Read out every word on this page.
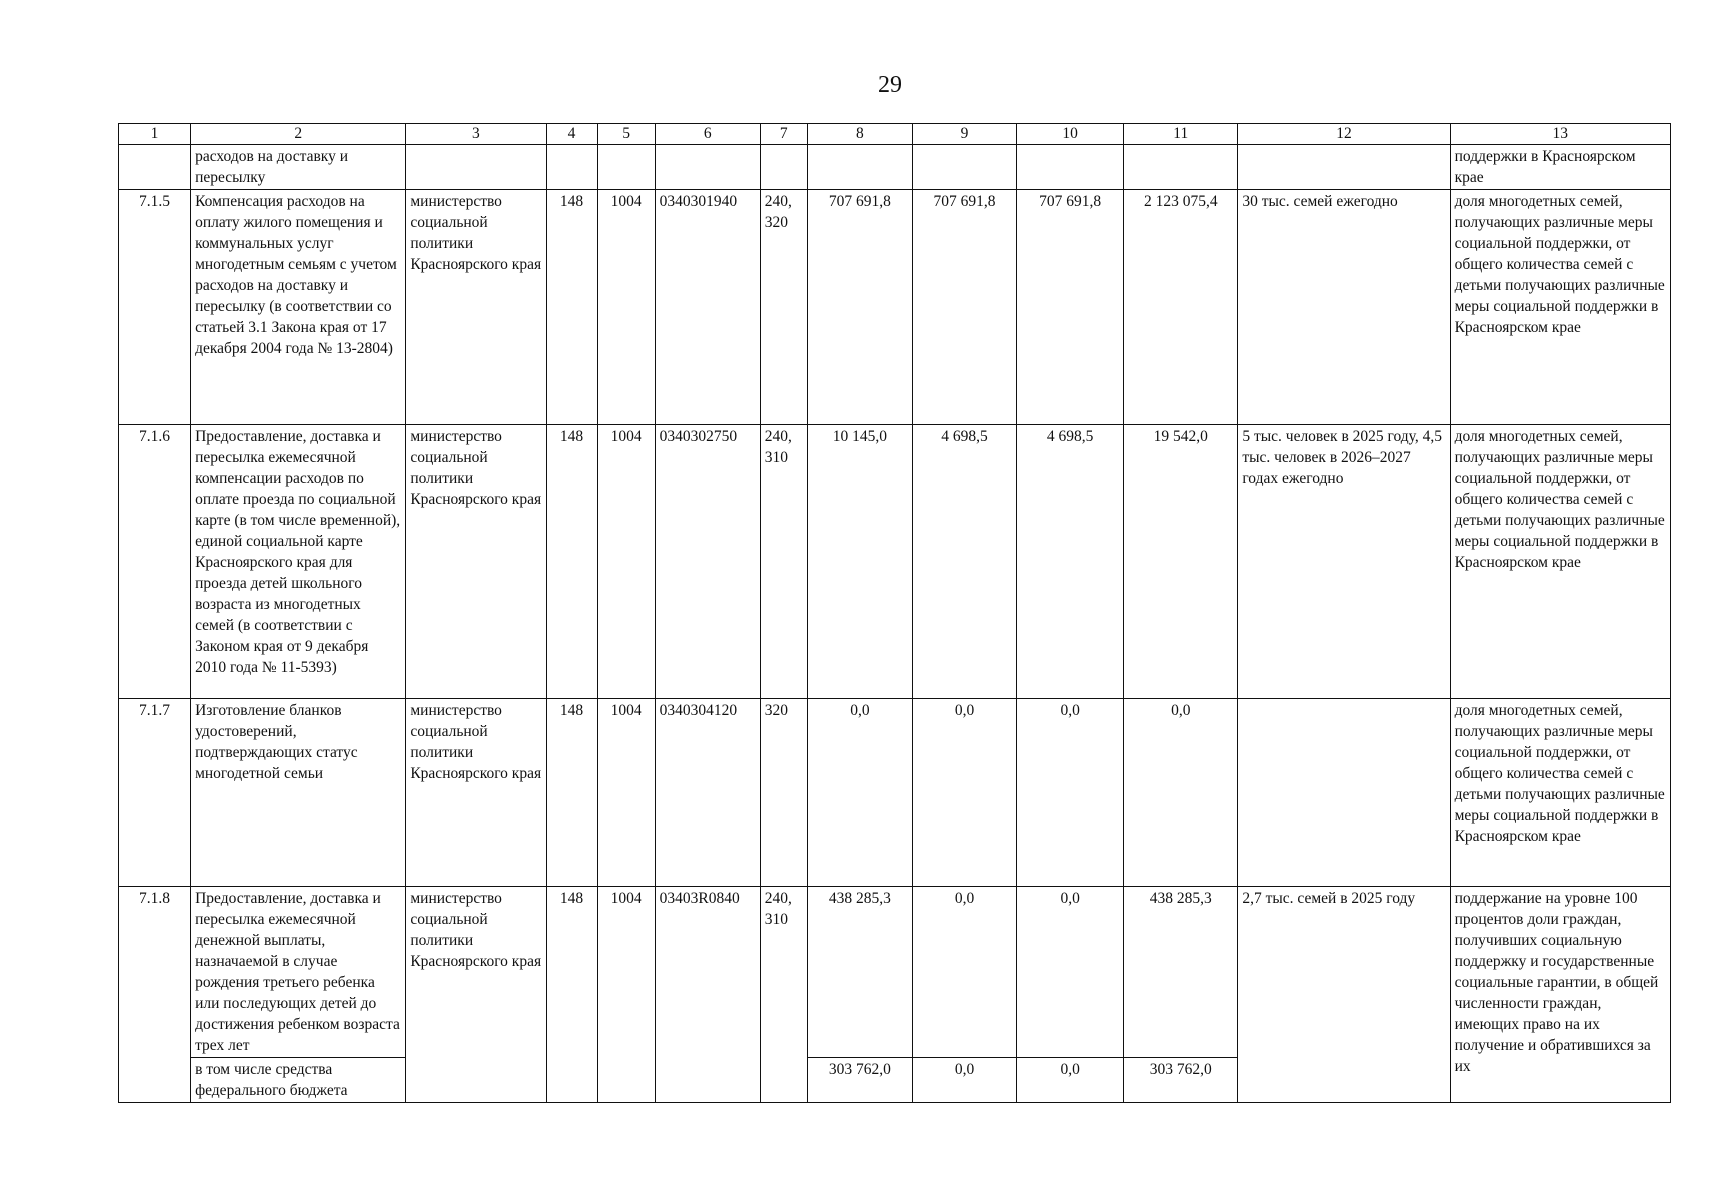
29
1	2	3	4	5	6	7	8	9	10	11	12	13
	расходов на доставку и пересылку											поддержки в Красноярском крае
7.1.5	Компенсация расходов на оплату жилого помещения и коммунальных услуг многодетным семьям с учетом расходов на доставку и пересылку (в соответствии со статьей 3.1 Закона края от 17 декабря 2004 года № 13-2804)	министерство социальной политики Красноярского края	148	1004	0340301940	240, 320	707 691,8	707 691,8	707 691,8	2 123 075,4	30 тыс. семей ежегодно	доля многодетных семей, получающих различные меры социальной поддержки, от общего количества семей с детьми получающих различные меры социальной поддержки в Красноярском крае
7.1.6	Предоставление, доставка и пересылка ежемесячной компенсации расходов по оплате проезда по социальной карте (в том числе временной), единой социальной карте Красноярского края для проезда детей школьного возраста из многодетных семей (в соответствии с Законом края от 9 декабря 2010 года № 11-5393)	министерство социальной политики Красноярского края	148	1004	0340302750	240, 310	10 145,0	4 698,5	4 698,5	19 542,0	5 тыс. человек в 2025 году, 4,5 тыс. человек в 2026–2027 годах ежегодно	доля многодетных семей, получающих различные меры социальной поддержки, от общего количества семей с детьми получающих различные меры социальной поддержки в Красноярском крае
7.1.7	Изготовление бланков удостоверений, подтверждающих статус многодетной семьи	министерство социальной политики Красноярского края	148	1004	0340304120	320	0,0	0,0	0,0	0,0		доля многодетных семей, получающих различные меры социальной поддержки, от общего количества семей с детьми получающих различные меры социальной поддержки в Красноярском крае
7.1.8	Предоставление, доставка и пересылка ежемесячной денежной выплаты, назначаемой в случае рождения третьего ребенка или последующих детей до достижения ребенком возраста трех лет	министерство социальной политики Красноярского края	148	1004	03403R0840	240, 310	438 285,3	0,0	0,0	438 285,3	2,7 тыс. семей в 2025 году	поддержание на уровне 100 процентов доли граждан, получивших социальную поддержку и государственные социальные гарантии, в общей численности граждан, имеющих право на их получение и обратившихся за их
	в том числе средства федерального бюджета						303 762,0	0,0	0,0	303 762,0		
